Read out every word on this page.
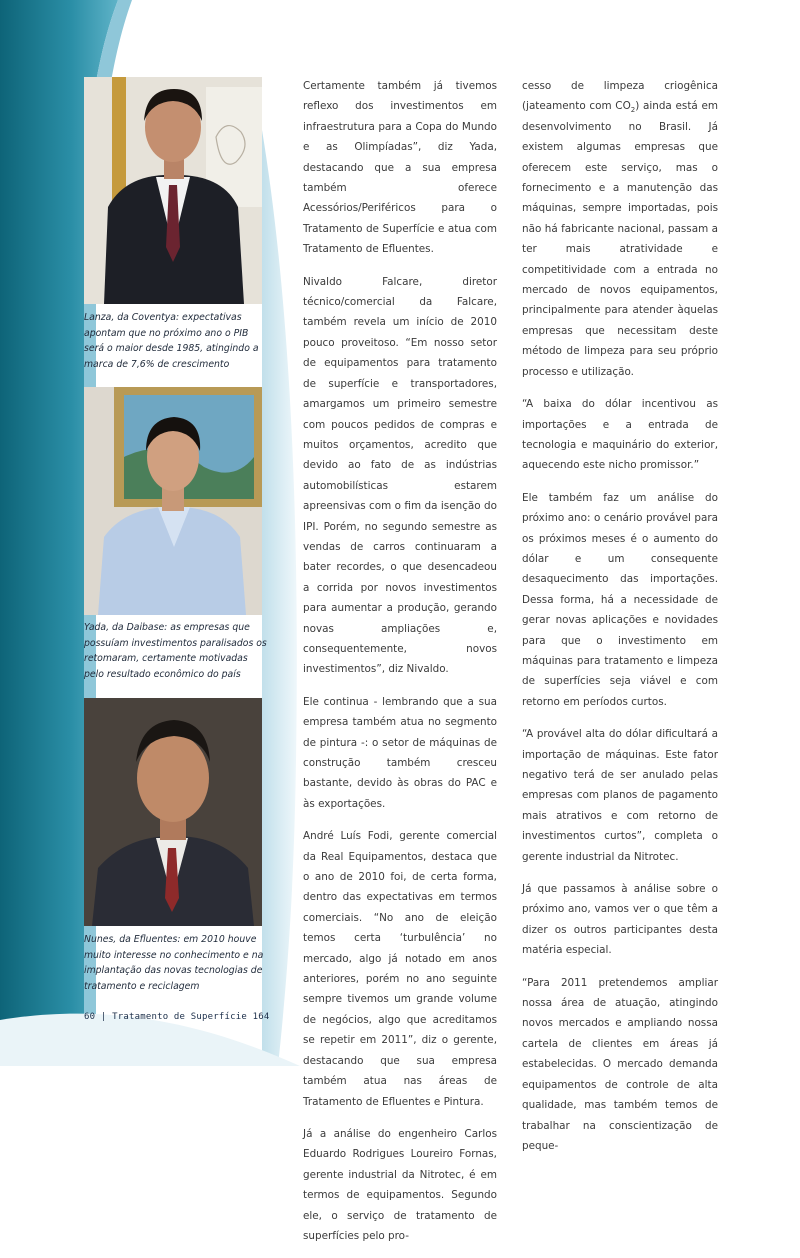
Lanza, da Coventya: expectativas apontam que no próximo ano o PIB será o maior desde 1985, atingindo a marca de 7,6% de crescimento
Yada, da Daibase: as empresas que possuíam investimentos paralisados os retomaram, certamente motivadas pelo resultado econômico do país
Nunes, da Efluentes: em 2010 houve muito interesse no conhecimento e na implantação das novas tecnologias de tratamento e reciclagem

Certamente também já tivemos reflexo dos investimentos em infraestrutura para a Copa do Mundo e as Olimpíadas”, diz Yada, destacando que a sua empresa também oferece Acessórios/Periféricos para o Tratamento de Superfície e atua com Tratamento de Efluentes.

Nivaldo Falcare, diretor técnico/comercial da Falcare, também revela um início de 2010 pouco proveitoso. “Em nosso setor de equipamentos para tratamento de superfície e transportadores, amargamos um primeiro semestre com poucos pedidos de compras e muitos orçamentos, acredito que devido ao fato de as indústrias automobilísticas estarem apreensivas com o fim da isenção do IPI. Porém, no segundo semestre as vendas de carros continuaram a bater recordes, o que desencadeou a corrida por novos investimentos para aumentar a produção, gerando novas ampliações e, consequentemente, novos investimentos”, diz Nivaldo.

Ele continua - lembrando que a sua empresa também atua no segmento de pintura -: o setor de máquinas de construção também cresceu bastante, devido às obras do PAC e às exportações.

André Luís Fodi, gerente comercial da Real Equipamentos, destaca que o ano de 2010 foi, de certa forma, dentro das expectativas em termos comerciais. “No ano de eleição temos certa ‘turbulência’ no mercado, algo já notado em anos anteriores, porém no ano seguinte sempre tivemos um grande volume de negócios, algo que acreditamos se repetir em 2011”, diz o gerente, destacando que sua empresa também atua nas áreas de Tratamento de Efluentes e Pintura.

Já a análise do engenheiro Carlos Eduardo Rodrigues Loureiro Fornas, gerente industrial da Nitrotec, é em termos de equipamentos. Segundo ele, o serviço de tratamento de superfícies pelo pro-

cesso de limpeza criogênica (jateamento com $CO_2$) ainda está em desenvolvimento no Brasil. Já existem algumas empresas que oferecem este serviço, mas o fornecimento e a manutenção das máquinas, sempre importadas, pois não há fabricante nacional, passam a ter mais atratividade e competitividade com a entrada no mercado de novos equipamentos, principalmente para atender àquelas empresas que necessitam deste método de limpeza para seu próprio processo e utilização.

“A baixa do dólar incentivou as importações e a entrada de tecnologia e maquinário do exterior, aquecendo este nicho promissor.”

Ele também faz um análise do próximo ano: o cenário provável para os próximos meses é o aumento do dólar e um consequente desaquecimento das importações. Dessa forma, há a necessidade de gerar novas aplicações e novidades para que o investimento em máquinas para tratamento e limpeza de superfícies seja viável e com retorno em períodos curtos.

“A provável alta do dólar dificultará a importação de máquinas. Este fator negativo terá de ser anulado pelas empresas com planos de pagamento mais atrativos e com retorno de investimentos curtos”, completa o gerente industrial da Nitrotec.

Já que passamos à análise sobre o próximo ano, vamos ver o que têm a dizer os outros participantes desta matéria especial.

“Para 2011 pretendemos ampliar nossa área de atuação, atingindo novos mercados e ampliando nossa cartela de clientes em áreas já estabelecidas. O mercado demanda equipamentos de controle de alta qualidade, mas também temos de trabalhar na conscientização de peque-

60 | Tratamento de Superfície 164
